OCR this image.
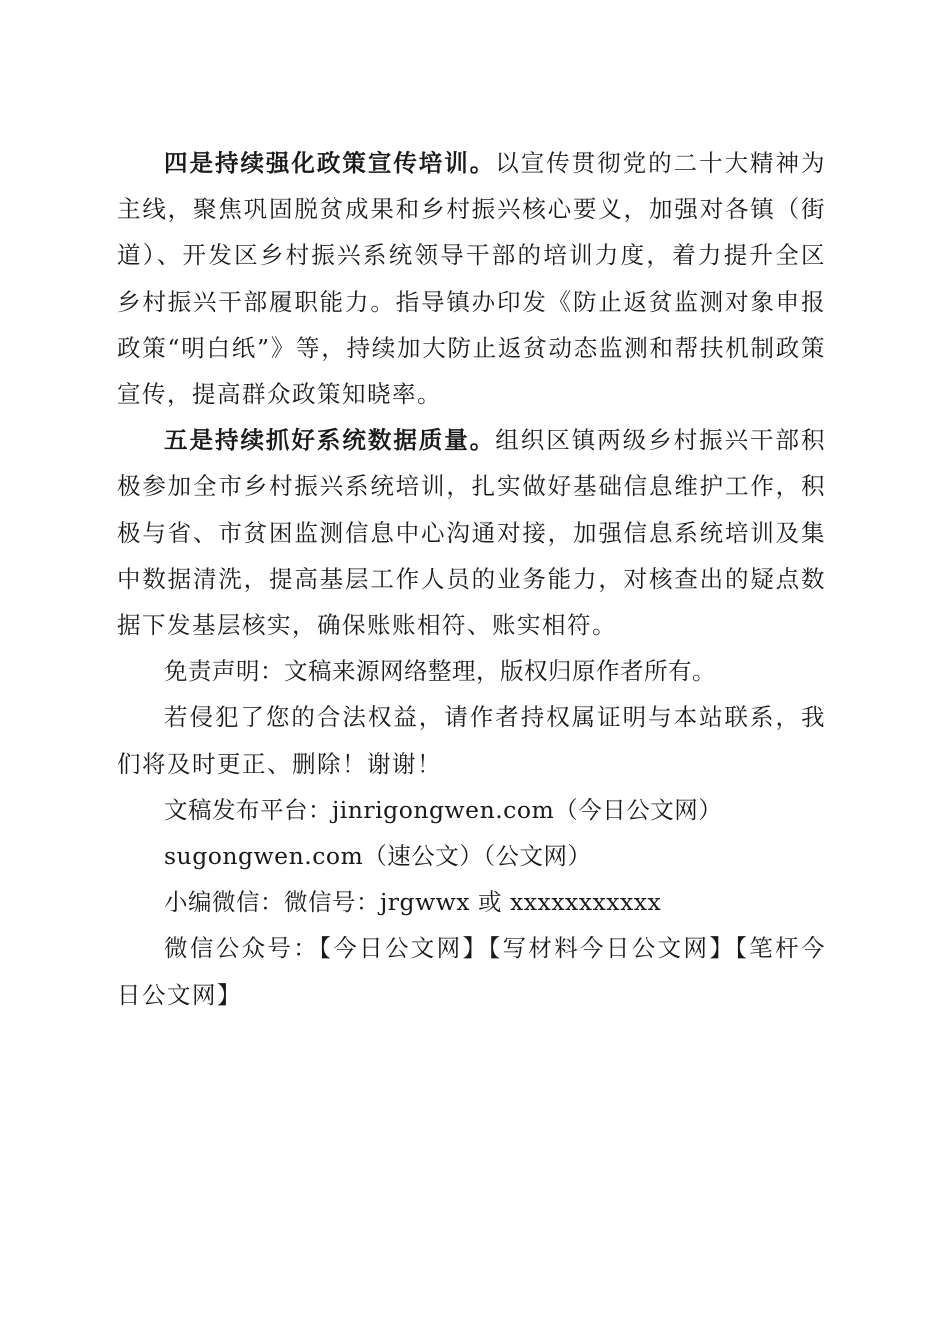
四是持续强化政策宣传培训。以宣传贯彻党的二十大精神为主线，聚焦巩固脱贫成果和乡村振兴核心要义，加强对各镇（街道）、开发区乡村振兴系统领导干部的培训力度，着力提升全区乡村振兴干部履职能力。指导镇办印发《防止返贫监测对象申报政策“明白纸”》等，持续加大防止返贫动态监测和帮扶机制政策宣传，提高群众政策知晓率。

五是持续抓好系统数据质量。组织区镇两级乡村振兴干部积极参加全市乡村振兴系统培训，扎实做好基础信息维护工作，积极与省、市贫困监测信息中心沟通对接，加强信息系统培训及集中数据清洗，提高基层工作人员的业务能力，对核查出的疑点数据下发基层核实，确保账账相符、账实相符。

免责声明：文稿来源网络整理，版权归原作者所有。

若侵犯了您的合法权益，请作者持权属证明与本站联系，我们将及时更正、删除！谢谢！

文稿发布平台：jinrigongwen.com（今日公文网）

sugongwen.com（速公文）（公文网）

小编微信：微信号：jrgwwx 或 xxxxxxxxxxx

微信公众号：【今日公文网】【写材料今日公文网】【笔杆今日公文网】
